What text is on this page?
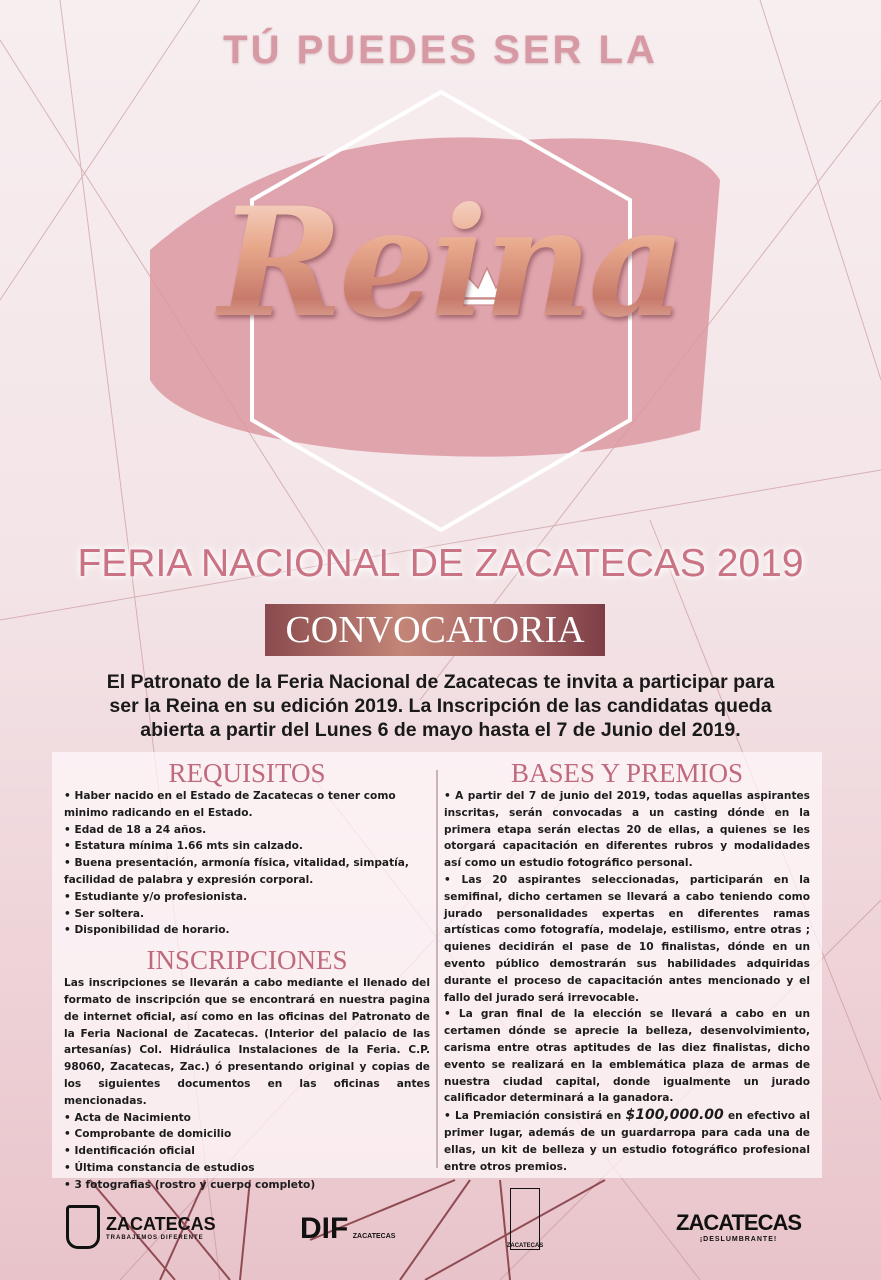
TÚ PUEDES SER LA
Reina
FERIA NACIONAL DE ZACATECAS 2019
CONVOCATORIA
El Patronato de la Feria Nacional de Zacatecas te invita a participar para
ser la Reina en su edición 2019. La Inscripción de las candidatas queda
abierta a partir del Lunes 6 de mayo hasta el 7 de Junio del 2019.
REQUISITOS

• Haber nacido en el Estado de Zacatecas o tener como minimo radicando en el Estado.

• Edad de 18 a 24 años.

• Estatura mínima 1.66 mts sin calzado.

• Buena presentación, armonía física, vitalidad, simpatía, facilidad de palabra y expresión corporal.

• Estudiante y/o profesionista.

• Ser soltera.

• Disponibilidad de horario.

INSCRIPCIONES

Las inscripciones se llevarán a cabo mediante el llenado del formato de inscripción que se encontrará en nuestra pagina de internet oficial, así como en las oficinas del Patronato de la Feria Nacional de Zacatecas. (Interior del palacio de las artesanías) Col. Hidráulica Instalaciones de la Feria. C.P. 98060, Zacatecas, Zac.) ó presentando original y copias de los siguientes documentos en las oficinas antes mencionadas.

• Acta de Nacimiento

• Comprobante de domicilio

• Identificación oficial

• Última constancia de estudios

• 3 fotografias (rostro y cuerpo completo)

BASES Y PREMIOS

• A partir del 7 de junio del 2019, todas aquellas aspirantes inscritas, serán convocadas a un casting dónde en la primera etapa serán electas 20 de ellas, a quienes se les otorgará capacitación en diferentes rubros y modalidades así como un estudio fotográfico personal.

• Las 20 aspirantes seleccionadas, participarán en la semifinal, dicho certamen se llevará a cabo teniendo como jurado personalidades expertas en diferentes ramas artísticas como fotografía, modelaje, estilismo, entre otras ; quienes decidirán el pase de 10 finalistas, dónde en un evento público demostrarán sus habilidades adquiridas durante el proceso de capacitación antes mencionado y el fallo del jurado será irrevocable.

• La gran final de la elección se llevará a cabo en un certamen dónde se aprecie la belleza, desenvolvimiento, carisma entre otras aptitudes de las diez finalistas, dicho evento se realizará en la emblemática plaza de armas de nuestra ciudad capital, donde igualmente un jurado calificador determinará a la ganadora.

• La Premiación consistirá en $100,000.00 en efectivo al primer lugar, además de un guardarropa para cada una de ellas, un kit de belleza y un estudio fotográfico profesional entre otros premios.

ZACATECAS
TRABAJEMOS DIFERENTE	DIF ZACATECAS
ZACATECAS
ZACATECAS
¡DESLUMBRANTE!
